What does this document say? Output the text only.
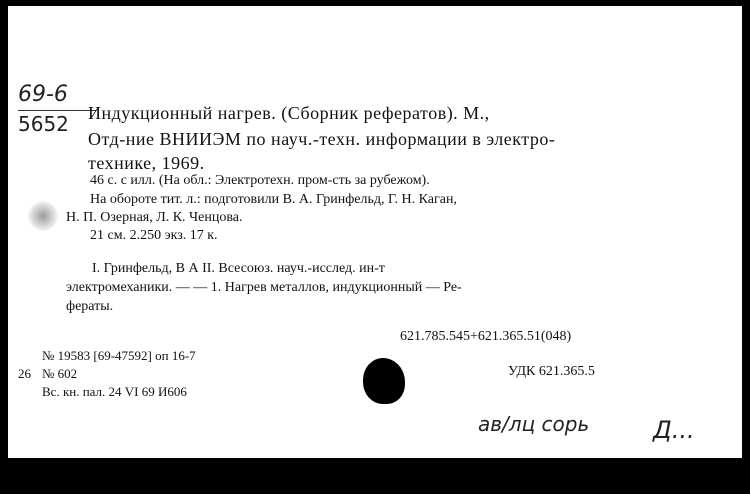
69-6
5652 Индукционный нагрев. (Сборник рефератов). М.,
Отд-ние ВНИИЭМ по науч.-техн. информации в электро-
технике, 1969.
46 с. с илл. (На обл.: Электротехн. пром-сть за рубежом).
На обороте тит. л.: подготовили В. А. Гринфельд, Г. Н. Каган,
Н. П. Озерная, Л. К. Ченцова.
21 см. 2.250 экз. 17 к.
I. Гринфельд, В А II. Всесоюз. науч.-исслед. ин-т
электромеханики. — — 1. Нагрев металлов, индукционный — Ре-
фераты.
621.785.545+621.365.51(048)
№ 19583 [69-47592] оп 16-7
26 № 602
Вс. кн. пал. 24 VI 69 И606
УДК 621.365.5
ав/лц сорь	Д...
